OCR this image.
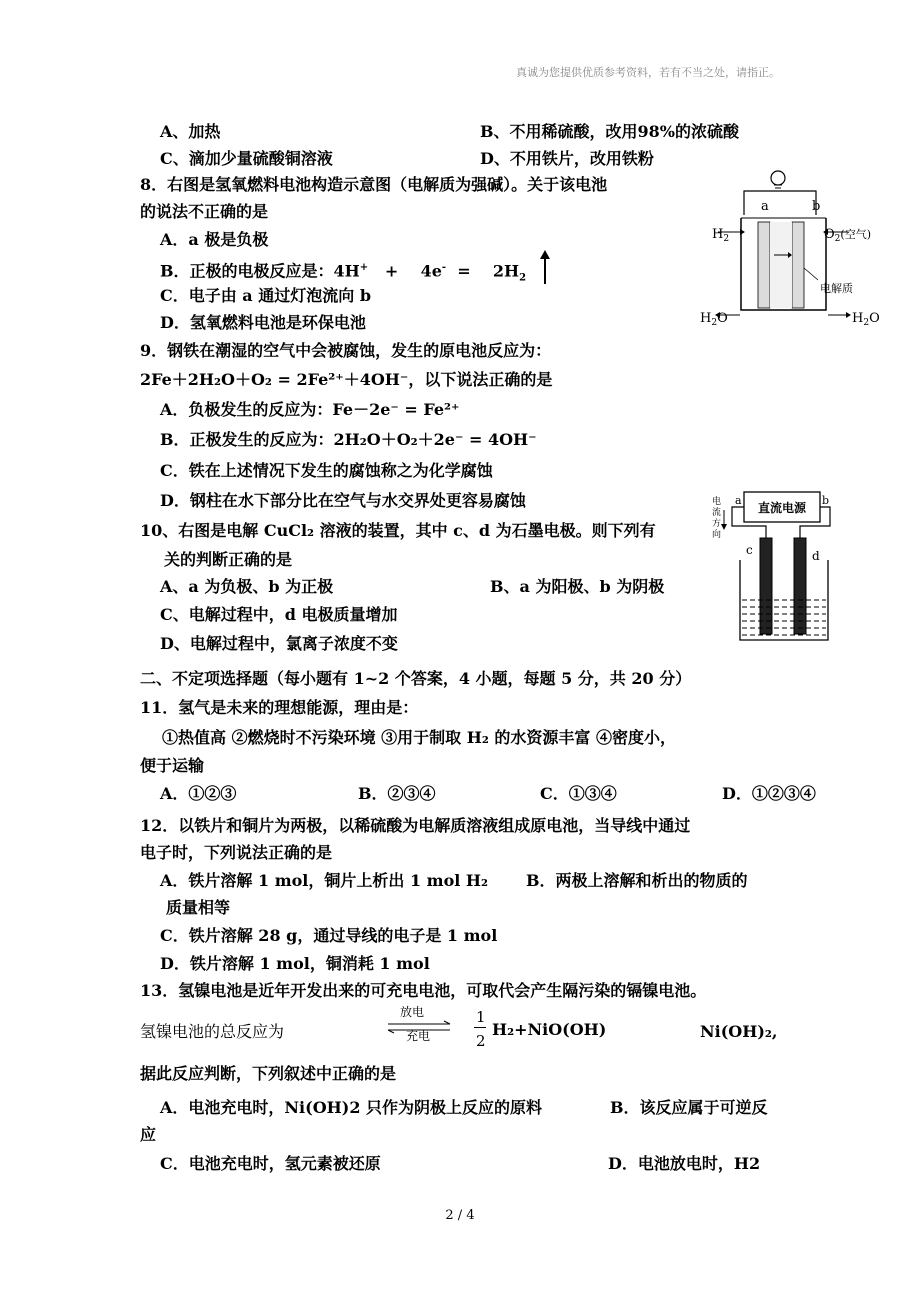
真诚为您提供优质参考资料，若有不当之处，请指正。
A、加热	B、不用稀硫酸，改用98%的浓硫酸
C、滴加少量硫酸铜溶液	D、不用铁片，改用铁粉
8．右图是氢氧燃料电池构造示意图（电解质为强碱）。关于该电池
的说法不正确的是
A．a 极是负极
B．正极的电极反应是：4H+   +    4e-  =    $2H_2$
C．电子由 a 通过灯泡流向 b
D．氢氧燃料电池是环保电池
a	b
$H_2$	$O_2^{(空气)}$
电解质
$H_2O$	$H_2O$
9．钢铁在潮湿的空气中会被腐蚀，发生的原电池反应为：
2Fe＋2H₂O＋O₂ = 2Fe²⁺＋4OH⁻，以下说法正确的是
A．负极发生的反应为：Fe－2e⁻ = Fe²⁺
B．正极发生的反应为：2H₂O＋O₂＋2e⁻ = 4OH⁻
C．铁在上述情况下发生的腐蚀称之为化学腐蚀
D．钢柱在水下部分比在空气与水交界处更容易腐蚀
10、右图是电解 CuCl₂ 溶液的装置，其中 c、d 为石墨电极。则下列有
关的判断正确的是
A、a 为负极、b 为正极	B、a 为阳极、b 为阴极
C、电解过程中，d 电极质量增加
D、电解过程中，氯离子浓度不变
直流电源
a	b
电
流
方
向
c	d
二、不定项选择题（每小题有 1~2 个答案，4 小题，每题 5 分，共 20 分）
11．氢气是未来的理想能源，理由是：
①热值高 ②燃烧时不污染环境 ③用于制取 H₂ 的水资源丰富 ④密度小，
便于运输
A．①②③	B．②③④	C．①③④	D．①②③④
12．以铁片和铜片为两极，以稀硫酸为电解质溶液组成原电池，当导线中通过
电子时，下列说法正确的是
A．铁片溶解 1 mol，铜片上析出 1 mol H₂ B．两极上溶解和析出的物质的
质量相等
C．铁片溶解 28 g，通过导线的电子是 1 mol
D．铁片溶解 1 mol，铜消耗 1 mol
13．氢镍电池是近年开发出来的可充电电池，可取代会产生隔污染的镉镍电池。
氢镍电池的总反应为
放电
充电
1
2
H₂+NiO(OH)	Ni(OH)₂,
据此反应判断，下列叙述中正确的是
A．电池充电时，Ni(OH)2 只作为阴极上反应的原料	B．该反应属于可逆反
应
C．电池充电时，氢元素被还原	D．电池放电时，H2
2 / 4
